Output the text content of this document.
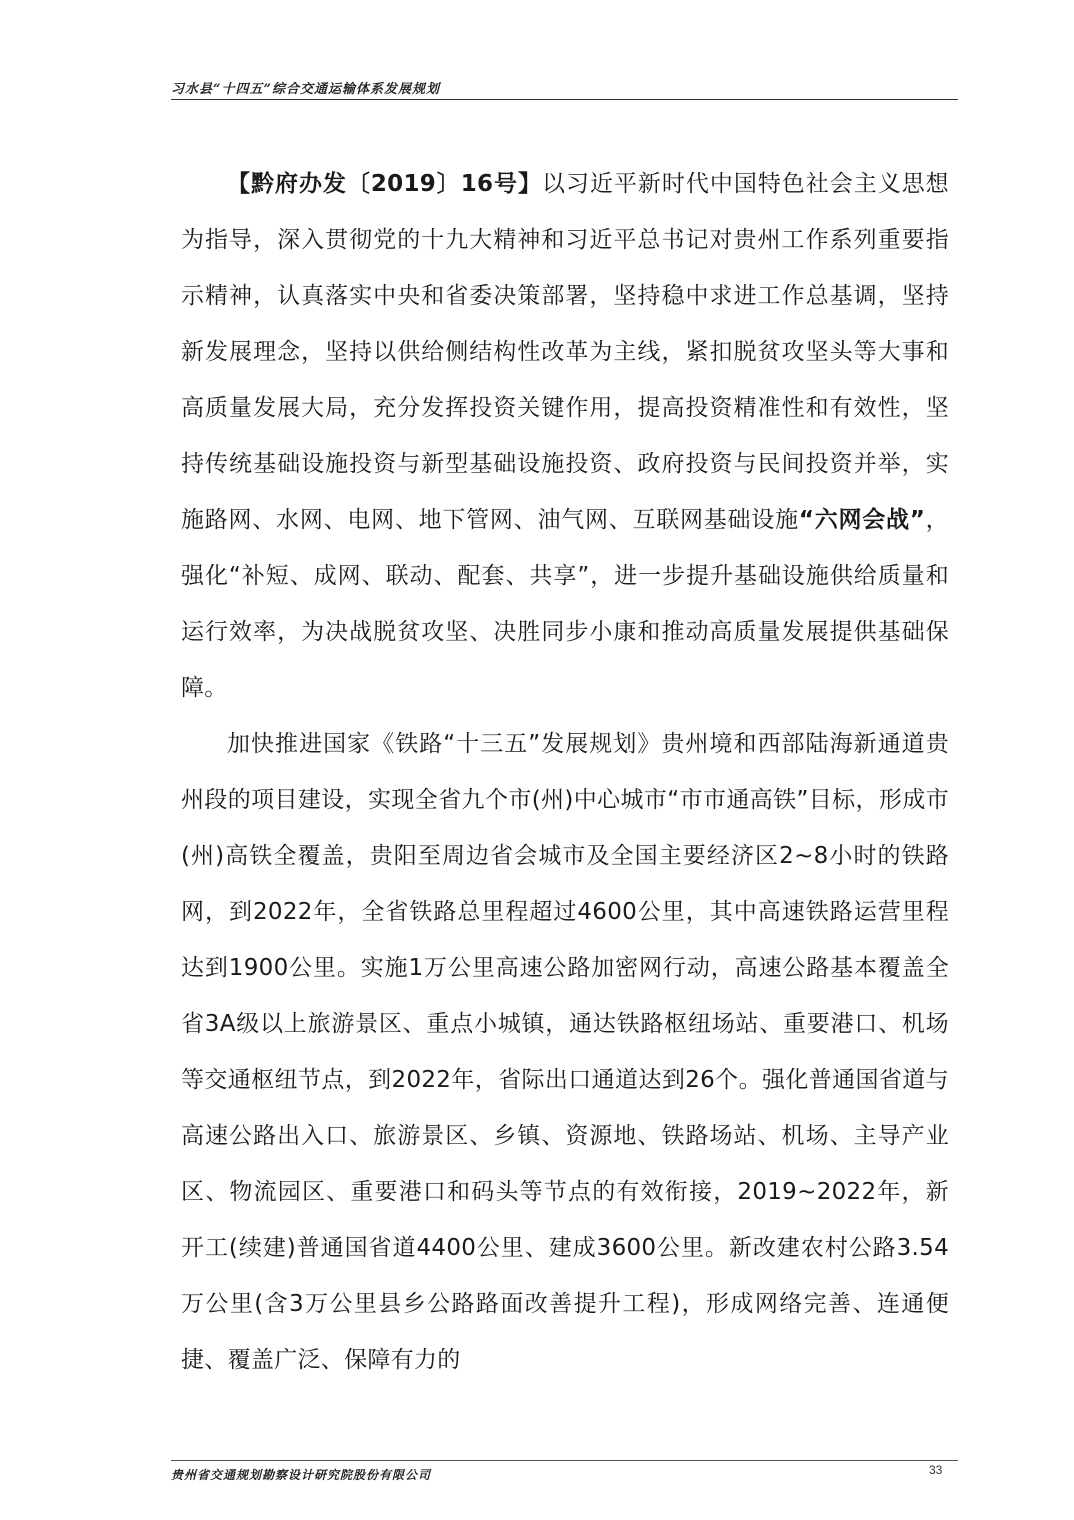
习水县“十四五”综合交通运输体系发展规划

【黔府办发〔2019〕16号】以习近平新时代中国特色社会主义思想为指导，深入贯彻党的十九大精神和习近平总书记对贵州工作系列重要指示精神，认真落实中央和省委决策部署，坚持稳中求进工作总基调，坚持新发展理念，坚持以供给侧结构性改革为主线，紧扣脱贫攻坚头等大事和高质量发展大局，充分发挥投资关键作用，提高投资精准性和有效性，坚持传统基础设施投资与新型基础设施投资、政府投资与民间投资并举，实施路网、水网、电网、地下管网、油气网、互联网基础设施“六网会战”，强化“补短、成网、联动、配套、共享”，进一步提升基础设施供给质量和运行效率，为决战脱贫攻坚、决胜同步小康和推动高质量发展提供基础保障。

加快推进国家《铁路“十三五”发展规划》贵州境和西部陆海新通道贵州段的项目建设，实现全省九个市(州)中心城市“市市通高铁”目标，形成市(州)高铁全覆盖，贵阳至周边省会城市及全国主要经济区2~8小时的铁路网，到2022年，全省铁路总里程超过4600公里，其中高速铁路运营里程达到1900公里。实施1万公里高速公路加密网行动，高速公路基本覆盖全省3A级以上旅游景区、重点小城镇，通达铁路枢纽场站、重要港口、机场等交通枢纽节点，到2022年，省际出口通道达到26个。强化普通国省道与高速公路出入口、旅游景区、乡镇、资源地、铁路场站、机场、主导产业区、物流园区、重要港口和码头等节点的有效衔接，2019~2022年，新开工(续建)普通国省道4400公里、建成3600公里。新改建农村公路3.54万公里(含3万公里县乡公路路面改善提升工程)，形成网络完善、连通便捷、覆盖广泛、保障有力的

贵州省交通规划勘察设计研究院股份有限公司	33
